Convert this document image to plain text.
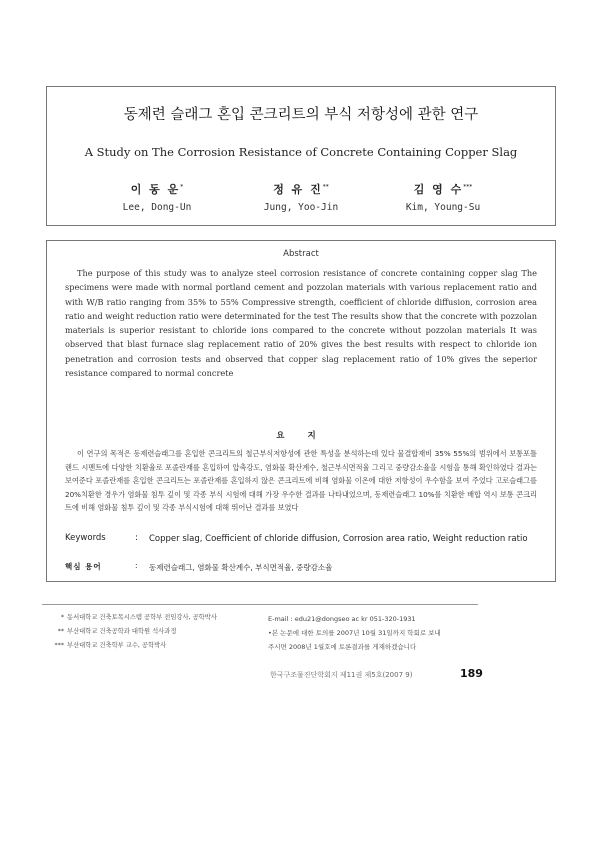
동제련 슬래그 혼입 콘크리트의 부식 저항성에 관한 연구
A Study on The Corrosion Resistance of Concrete Containing Copper Slag
이 동 운*
Lee, Dong-Un
정 유 진**
Jung, Yoo-Jin
김 영 수***
Kim, Young-Su
Abstract

The purpose of this study was to analyze steel corrosion resistance of concrete containing copper slag The specimens were made with normal portland cement and pozzolan materials with various replacement ratio and with W/B ratio ranging from 35% to 55% Compressive strength, coefficient of chloride diffusion, corrosion area ratio and weight reduction ratio were determinated for the test The results show that the concrete with pozzolan materials is superior resistant to chloride ions compared to the concrete without pozzolan materials It was observed that blast furnace slag replacement ratio of 20% gives the best results with respect to chloride ion penetration and corrosion tests and observed that copper slag replacement ratio of 10% gives the seperior resistance compared to normal concrete

요 지

이 연구의 목적은 동제련슬래그를 혼입한 콘크리트의 철근부식저항성에 관한 특성을 분석하는데 있다 물결합재비 35% 55%의 범위에서 보통포틀랜드 시멘트에 다양한 치환율로 포졸란재를 혼입하여 압축강도, 염화물 확산계수, 철근부식면적율 그리고 중량감소율을 시험을 통해 확인하였다 결과는 보여준다 포졸란재를 혼입한 콘크리트는 포졸란재를 혼입하지 않은 콘크리트에 비해 염화물 이온에 대한 저항성이 우수함을 보여 주었다 고로슬래그를 20%치환한 경우가 염화물 침투 깊이 및 각종 부식 시험에 대해 가장 우수한 결과를 나타내었으며, 동제련슬래그 10%를 치환한 배합 역시 보통 콘크리트에 비해 염화물 침투 깊이 및 각종 부식시험에 대해 뛰어난 결과를 보였다

Keywords	:	Copper slag, Coefficient of chloride diffusion, Corrosion area ratio, Weight reduction ratio
핵심 용어	:	동제련슬래그, 염화물 확산계수, 부식면적율, 중량감소율
* 동서대학교 건축토목시스템 공학부 전임강사, 공학박사
** 부산대학교 건축공학과 대학원 석사과정
*** 부산대학교 건축학부 교수, 공학박사
E-mail : edu21@dongseo ac kr 051-320-1931
•본 논문에 대한 토의를 2007년 10월 31일까지 학회로 보내
주시면 2008년 1월호에 토론결과를 게재하겠습니다
한국구조물진단학회지 제11권 제5호(2007 9)	189
